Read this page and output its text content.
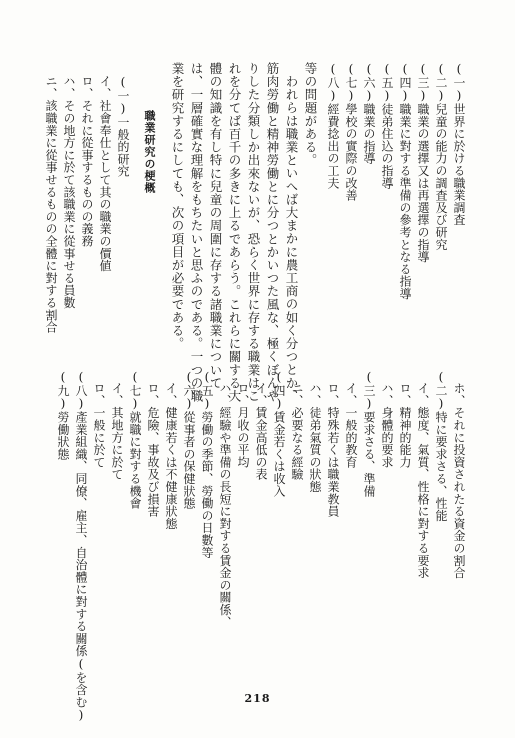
(一)世界に於ける職業調査
(二)兒童の能力の調査及び研究
(三)職業の選擇又は再選擇の指導
(四)職業に對する準備の參考となる指導
(五)徒弟住込の指導
(六)職業の指導
(七)學校の實際の改善
(八)經費捻出の工夫
等の問題がある。
われらは職業といへば大まかに農工商の如く分つとか、
筋肉勞働と精神勞働とに分つとかいつた風な、極くぼんや
りした分類しか出來ないが、恐らく世界に存する職業はこ
れを分てば百千の多きに上るであらう。これらに關する大
體の知識を有し特に兒童の周圍に存する諸職業について
は、一層確實な理解をもちたいと思ふのである。一つの職
業を研究するにしても、次の項目が必要である。
職業研究の梗概
(一)一般的研究
イ、社會奉仕として其の職業の價値
ロ、それに從事するものの義務
ハ、その地方に於て該職業に從事せる員數
ニ、該職業に從事せるものの全體に對する割合
ホ、それに投資されたる資金の割合
(二)特に要求さる、性能
イ、態度、氣質、性格に對する要求
ロ、精神的能力
ハ、身體的要求
(三)要求さる、準備
イ、一般的教育
ロ、特殊若くは職業教員
ハ、徒弟氣質の狀態
ニ、必要なる經驗
(四)賃金若くは收入
イ、賃金高低の表
ロ、月收の平均
ハ、經驗や準備の長短に對する賃金の關係、
(五)勞働の季節、勞働の日數等
(六)從事者の保健狀態
イ、健康若くは不健康狀態
ロ、危險、事故及び損害
(七)就職に對する機會
イ、其地方に於て
ロ、一般に於て
(八)產業組織、同僚、雇主、自治體に對する關係(を含む)
(九)勞働狀態
218
